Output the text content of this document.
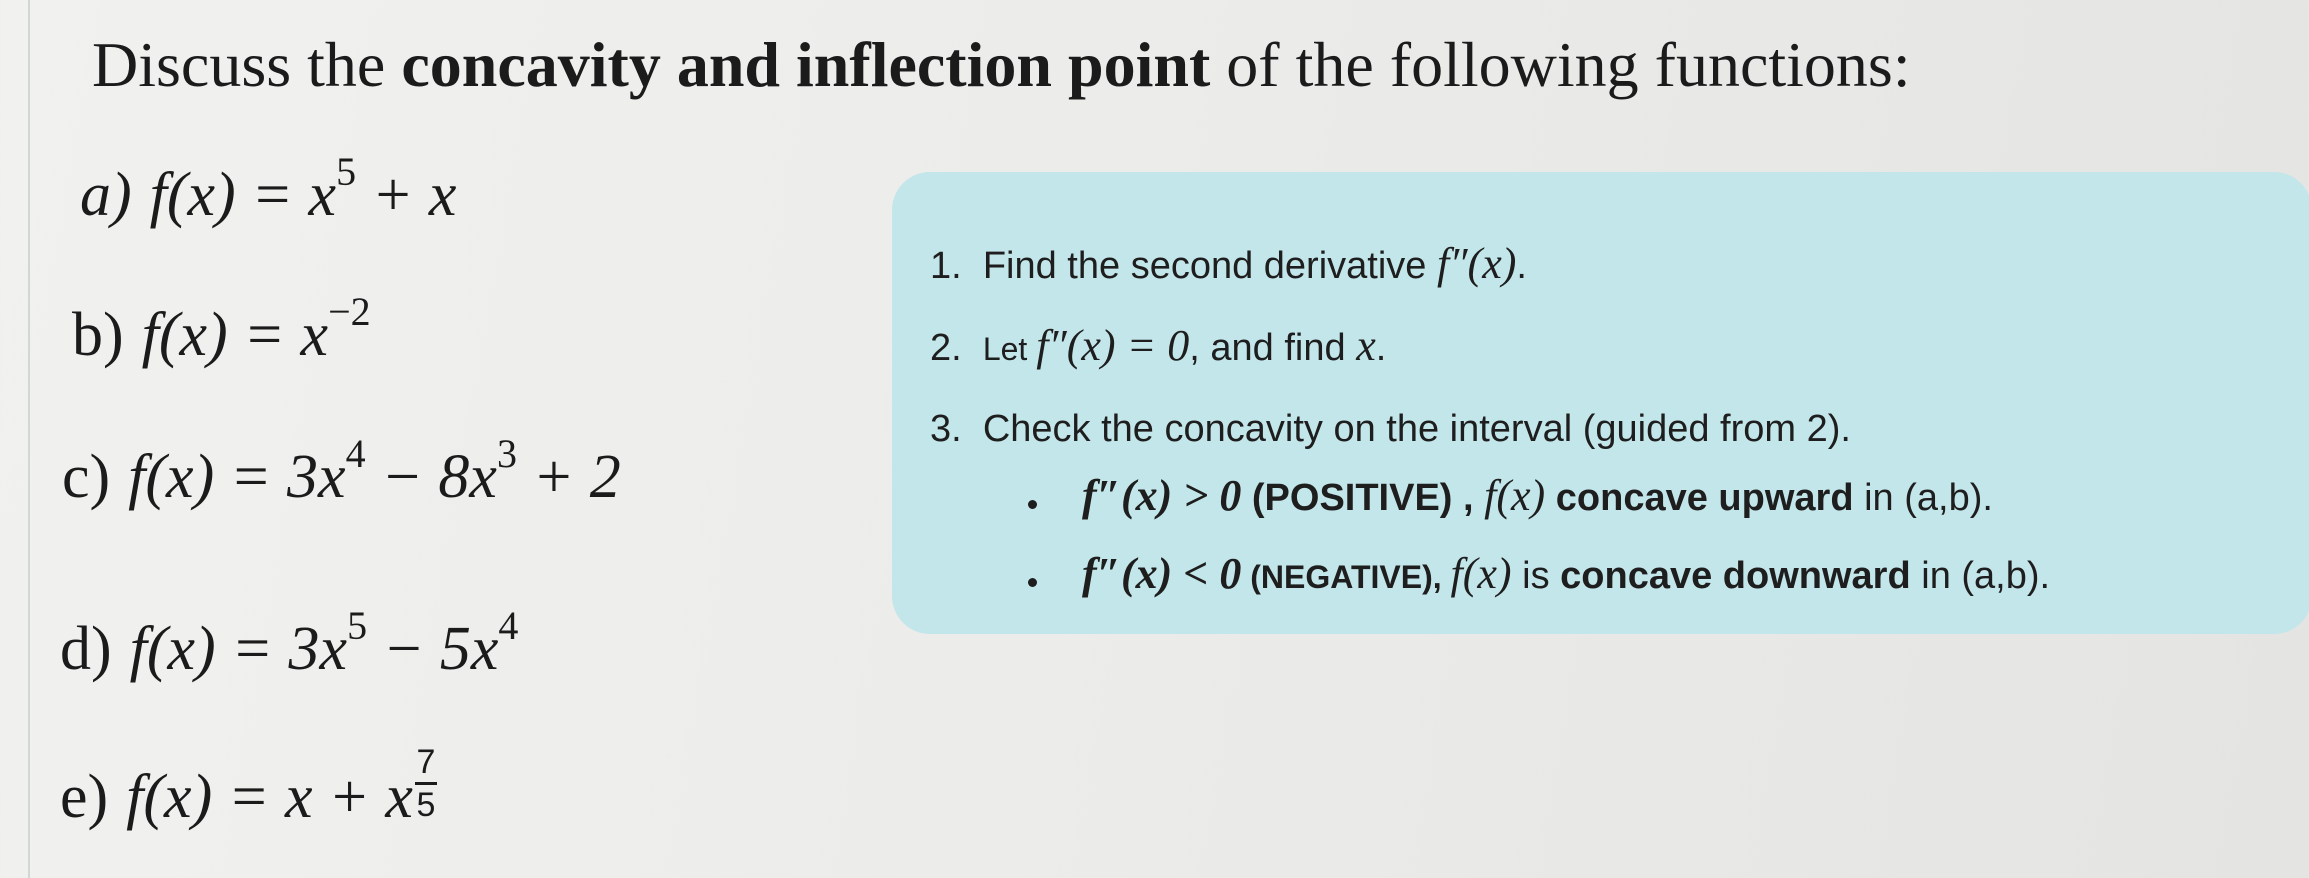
Discuss the concavity and inflection point of the following functions:
a) $f(x) = x^5 + x$
b) $f(x) = x^{-2}$
c) $f(x) = 3x^4 - 8x^3 + 2$
d) $f(x) = 3x^5 - 5x^4$
e) f(x) = x + x $\frac{7}{5}$
1. Find the second derivative f″(x).
2. Let f″(x) = 0, and find x.
3. Check the concavity on the interval (guided from 2).
f″(x) > 0 (POSITIVE) , f(x) concave upward in (a,b).
f″(x) < 0 (NEGATIVE), f(x) is concave downward in (a,b).
